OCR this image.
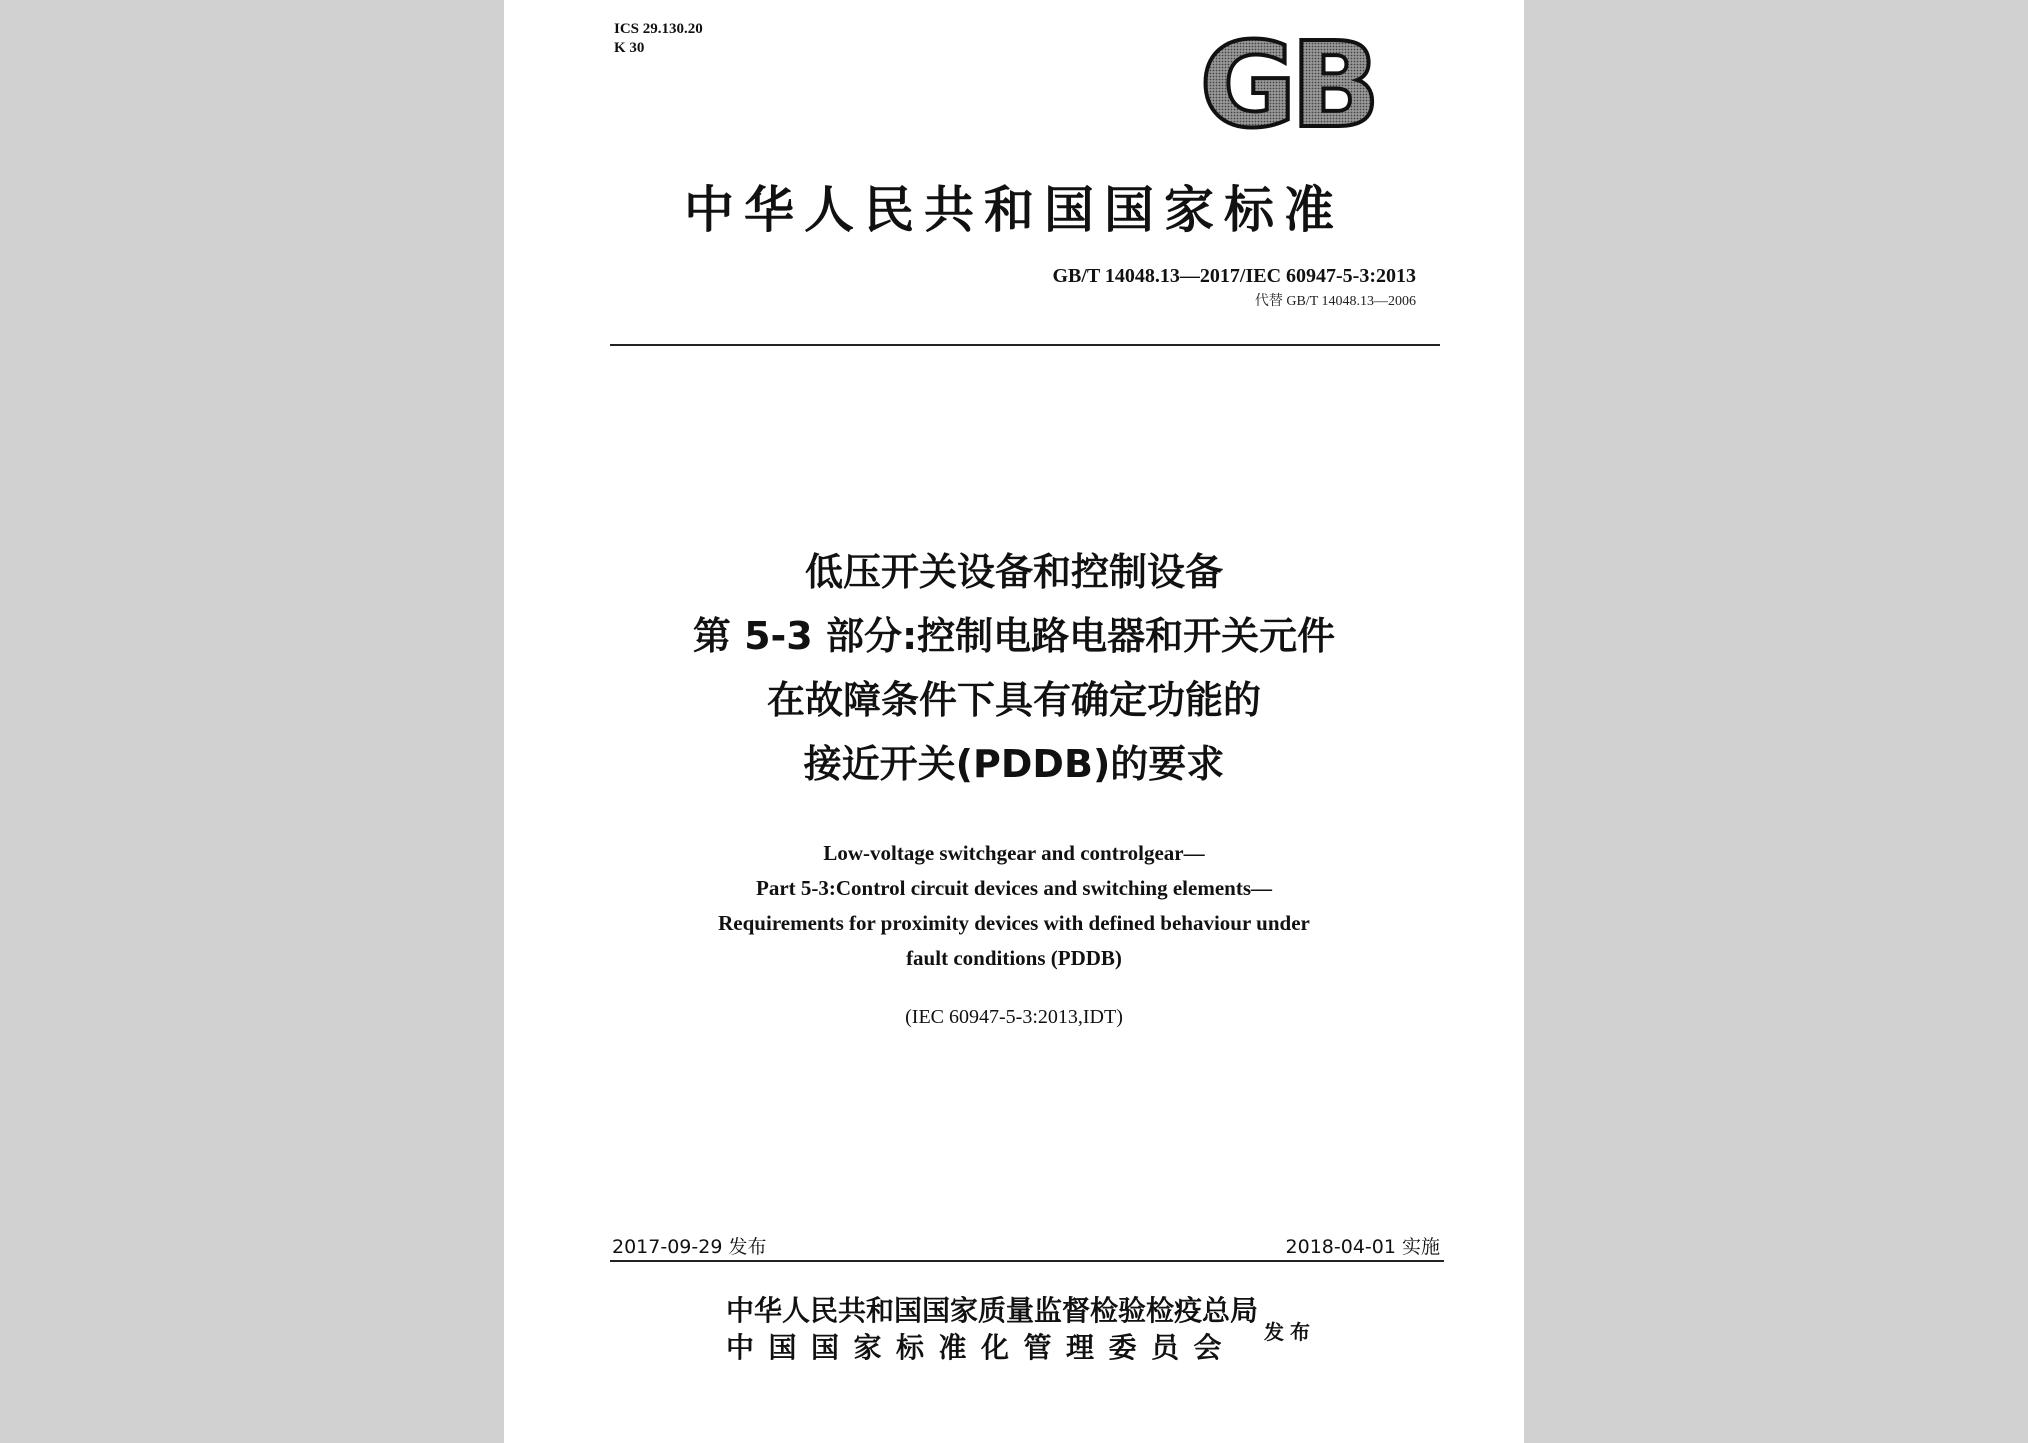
ICS 29.130.20
K 30	GB
中华人民共和国国家标准
GB/T 14048.13—2017/IEC 60947-5-3:2013
代替 GB/T 14048.13—2006
低压开关设备和控制设备
第 5-3 部分:控制电路电器和开关元件
在故障条件下具有确定功能的
接近开关(PDDB)的要求
Low-voltage switchgear and controlgear—
Part 5-3:Control circuit devices and switching elements—
Requirements for proximity devices with defined behaviour under
fault conditions (PDDB)
(IEC 60947-5-3:2013,IDT)
2017-09-29 发布	2018-04-01 实施
中华人民共和国国家质量监督检验检疫总局
中国国家标准化管理委员会	发布
